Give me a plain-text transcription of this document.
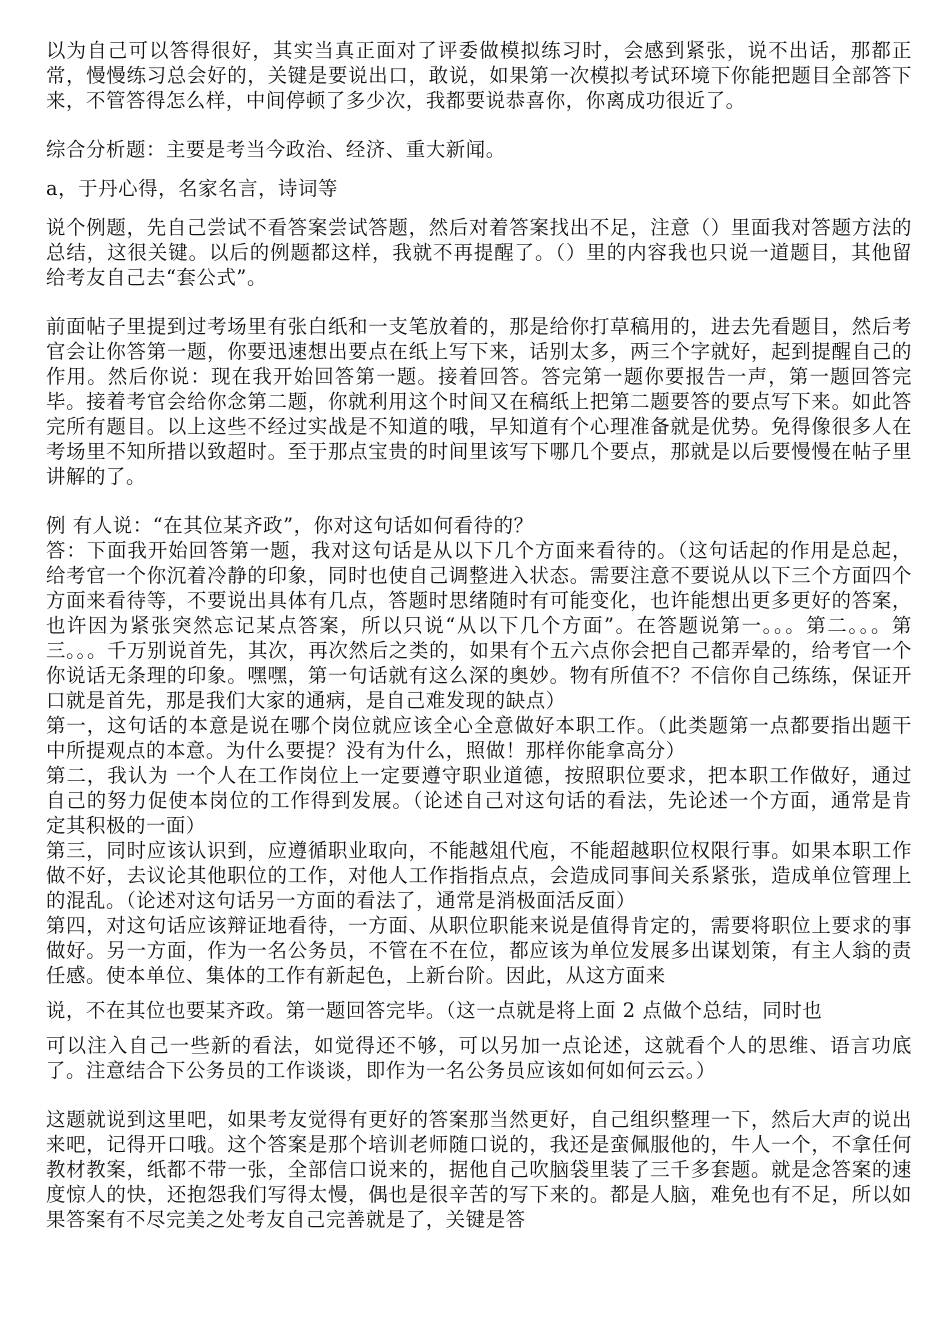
以为自己可以答得很好，其实当真正面对了评委做模拟练习时，会感到紧张，说不出话，那都正常，慢慢练习总会好的，关键是要说出口，敢说，如果第一次模拟考试环境下你能把题目全部答下来，不管答得怎么样，中间停顿了多少次，我都要说恭喜你，你离成功很近了。

综合分析题：主要是考当今政治、经济、重大新闻。

a，于丹心得，名家名言，诗词等

说个例题，先自己尝试不看答案尝试答题，然后对着答案找出不足，注意（）里面我对答题方法的总结，这很关键。以后的例题都这样，我就不再提醒了。（）里的内容我也只说一道题目，其他留给考友自己去“套公式”。

前面帖子里提到过考场里有张白纸和一支笔放着的，那是给你打草稿用的，进去先看题目，然后考官会让你答第一题，你要迅速想出要点在纸上写下来，话别太多，两三个字就好，起到提醒自己的作用。然后你说：现在我开始回答第一题。接着回答。答完第一题你要报告一声，第一题回答完毕。接着考官会给你念第二题，你就利用这个时间又在稿纸上把第二题要答的要点写下来。如此答完所有题目。以上这些不经过实战是不知道的哦，早知道有个心理准备就是优势。免得像很多人在考场里不知所措以致超时。至于那点宝贵的时间里该写下哪几个要点，那就是以后要慢慢在帖子里讲解的了。

例 有人说：“在其位某齐政”，你对这句话如何看待的？

答：下面我开始回答第一题，我对这句话是从以下几个方面来看待的。（这句话起的作用是总起，给考官一个你沉着冷静的印象，同时也使自己调整进入状态。需要注意不要说从以下三个方面四个方面来看待等，不要说出具体有几点，答题时思绪随时有可能变化，也许能想出更多更好的答案，也许因为紧张突然忘记某点答案，所以只说“从以下几个方面”。在答题说第一。。。第二。。。第三。。。千万别说首先，其次，再次然后之类的，如果有个五六点你会把自己都弄晕的，给考官一个你说话无条理的印象。嘿嘿，第一句话就有这么深的奥妙。物有所值不？不信你自己练练，保证开口就是首先，那是我们大家的通病，是自己难发现的缺点）

第一，这句话的本意是说在哪个岗位就应该全心全意做好本职工作。（此类题第一点都要指出题干中所提观点的本意。为什么要提？没有为什么，照做！那样你能拿高分）

第二，我认为 一个人在工作岗位上一定要遵守职业道德，按照职位要求，把本职工作做好，通过自己的努力促使本岗位的工作得到发展。（论述自己对这句话的看法，先论述一个方面，通常是肯定其积极的一面）

第三，同时应该认识到，应遵循职业取向，不能越俎代庖，不能超越职位权限行事。如果本职工作做不好，去议论其他职位的工作，对他人工作指指点点，会造成同事间关系紧张，造成单位管理上的混乱。（论述对这句话另一方面的看法了，通常是消极面活反面）

第四，对这句话应该辩证地看待，一方面、从职位职能来说是值得肯定的，需要将职位上要求的事做好。另一方面，作为一名公务员，不管在不在位，都应该为单位发展多出谋划策，有主人翁的责任感。使本单位、集体的工作有新起色，上新台阶。因此，从这方面来

说，不在其位也要某齐政。第一题回答完毕。（这一点就是将上面 2 点做个总结，同时也

可以注入自己一些新的看法，如觉得还不够，可以另加一点论述，这就看个人的思维、语言功底了。注意结合下公务员的工作谈谈，即作为一名公务员应该如何如何云云。）

这题就说到这里吧，如果考友觉得有更好的答案那当然更好，自己组织整理一下，然后大声的说出来吧，记得开口哦。这个答案是那个培训老师随口说的，我还是蛮佩服他的，牛人一个，不拿任何教材教案，纸都不带一张，全部信口说来的，据他自己吹脑袋里装了三千多套题。就是念答案的速度惊人的快，还抱怨我们写得太慢，偶也是很辛苦的写下来的。都是人脑，难免也有不足，所以如果答案有不尽完美之处考友自己完善就是了，关键是答
